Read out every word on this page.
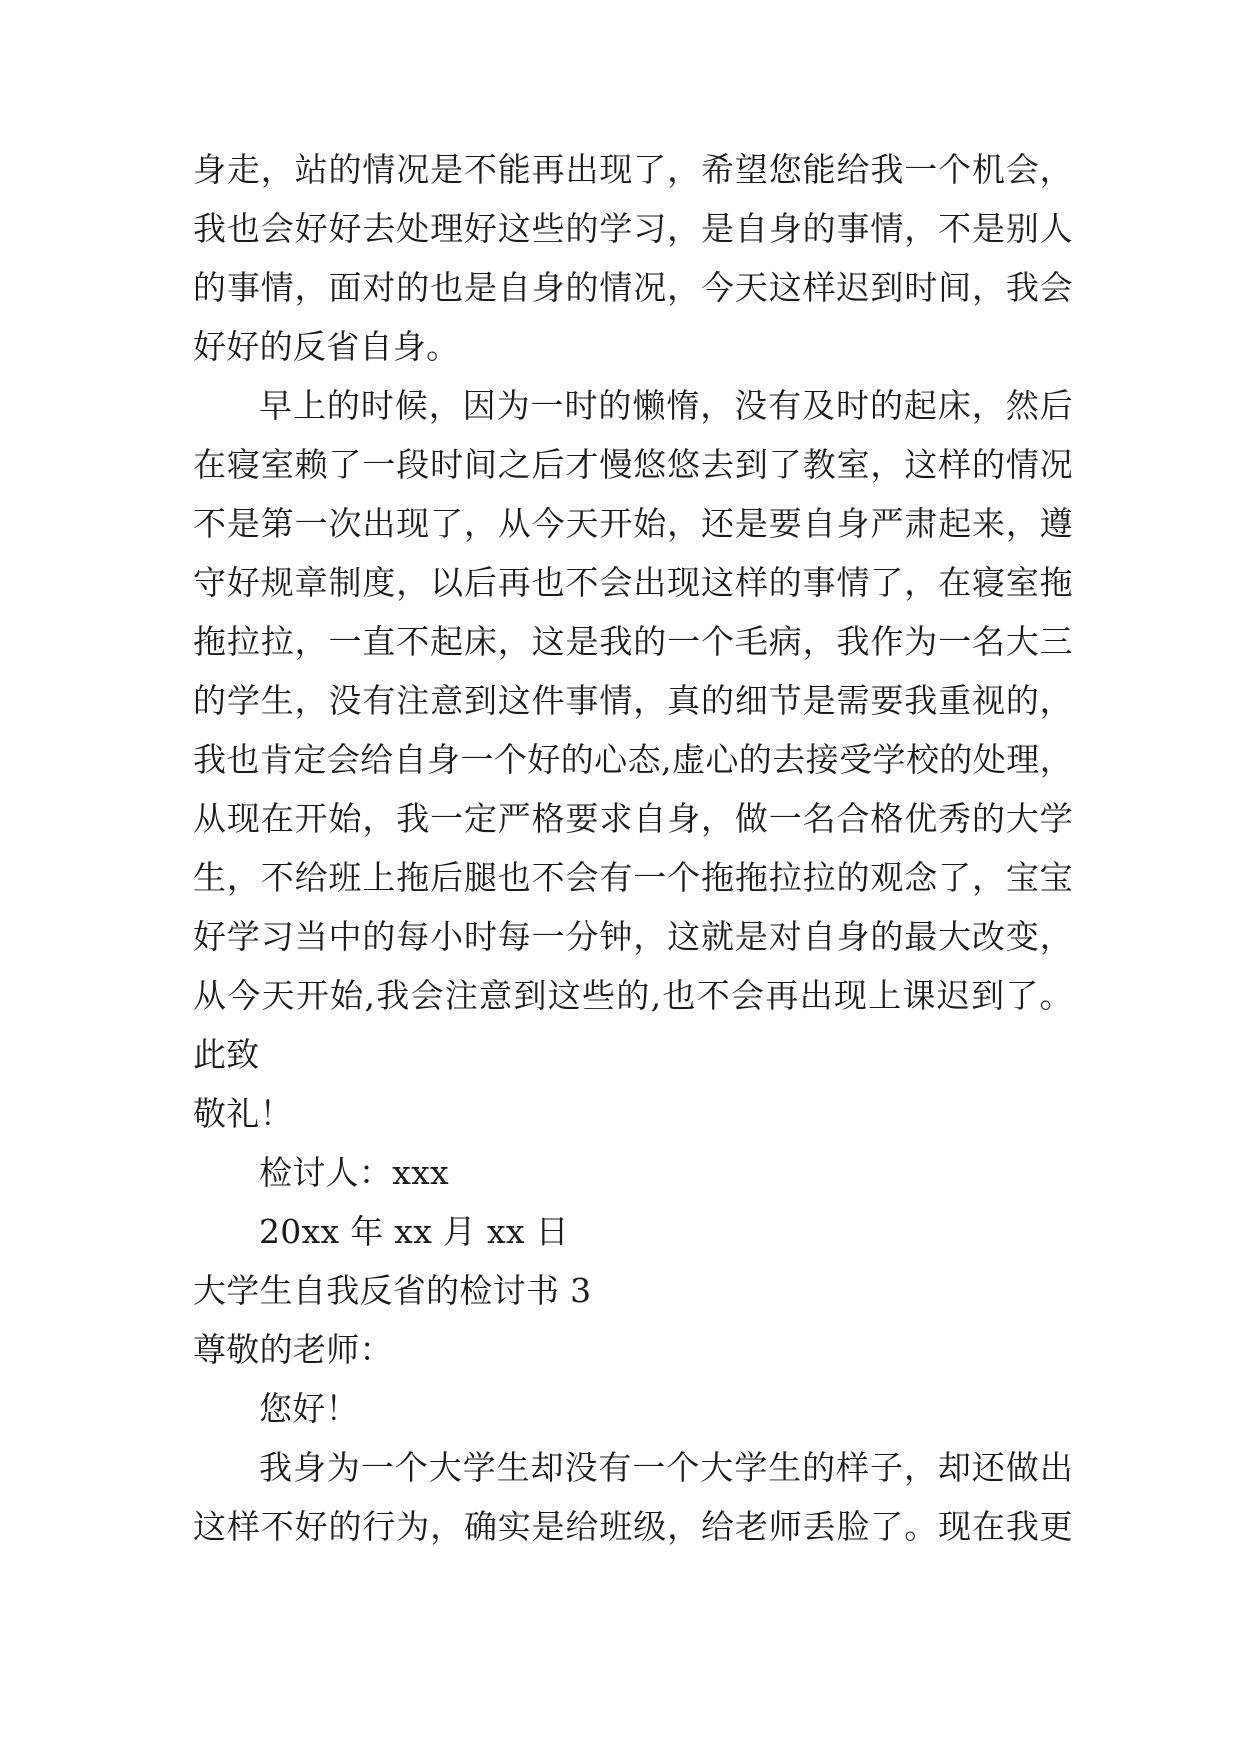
身走，站的情况是不能再出现了，希望您能给我一个机会，
我也会好好去处理好这些的学习，是自身的事情，不是别人
的事情，面对的也是自身的情况，今天这样迟到时间，我会
好好的反省自身。
早上的时候，因为一时的懒惰，没有及时的起床，然后
在寝室赖了一段时间之后才慢悠悠去到了教室，这样的情况
不是第一次出现了，从今天开始，还是要自身严肃起来，遵
守好规章制度，以后再也不会出现这样的事情了，在寝室拖
拖拉拉，一直不起床，这是我的一个毛病，我作为一名大三
的学生，没有注意到这件事情，真的细节是需要我重视的，
我也肯定会给自身一个好的心态,虚心的去接受学校的处理，
从现在开始，我一定严格要求自身，做一名合格优秀的大学
生，不给班上拖后腿也不会有一个拖拖拉拉的观念了，宝宝
好学习当中的每小时每一分钟，这就是对自身的最大改变，
从今天开始,我会注意到这些的,也不会再出现上课迟到了。
此致
敬礼！
检讨人：xxx
20xx 年 xx 月 xx 日
大学生自我反省的检讨书 3
尊敬的老师：
您好！
我身为一个大学生却没有一个大学生的样子，却还做出
这样不好的行为，确实是给班级，给老师丢脸了。现在我更
